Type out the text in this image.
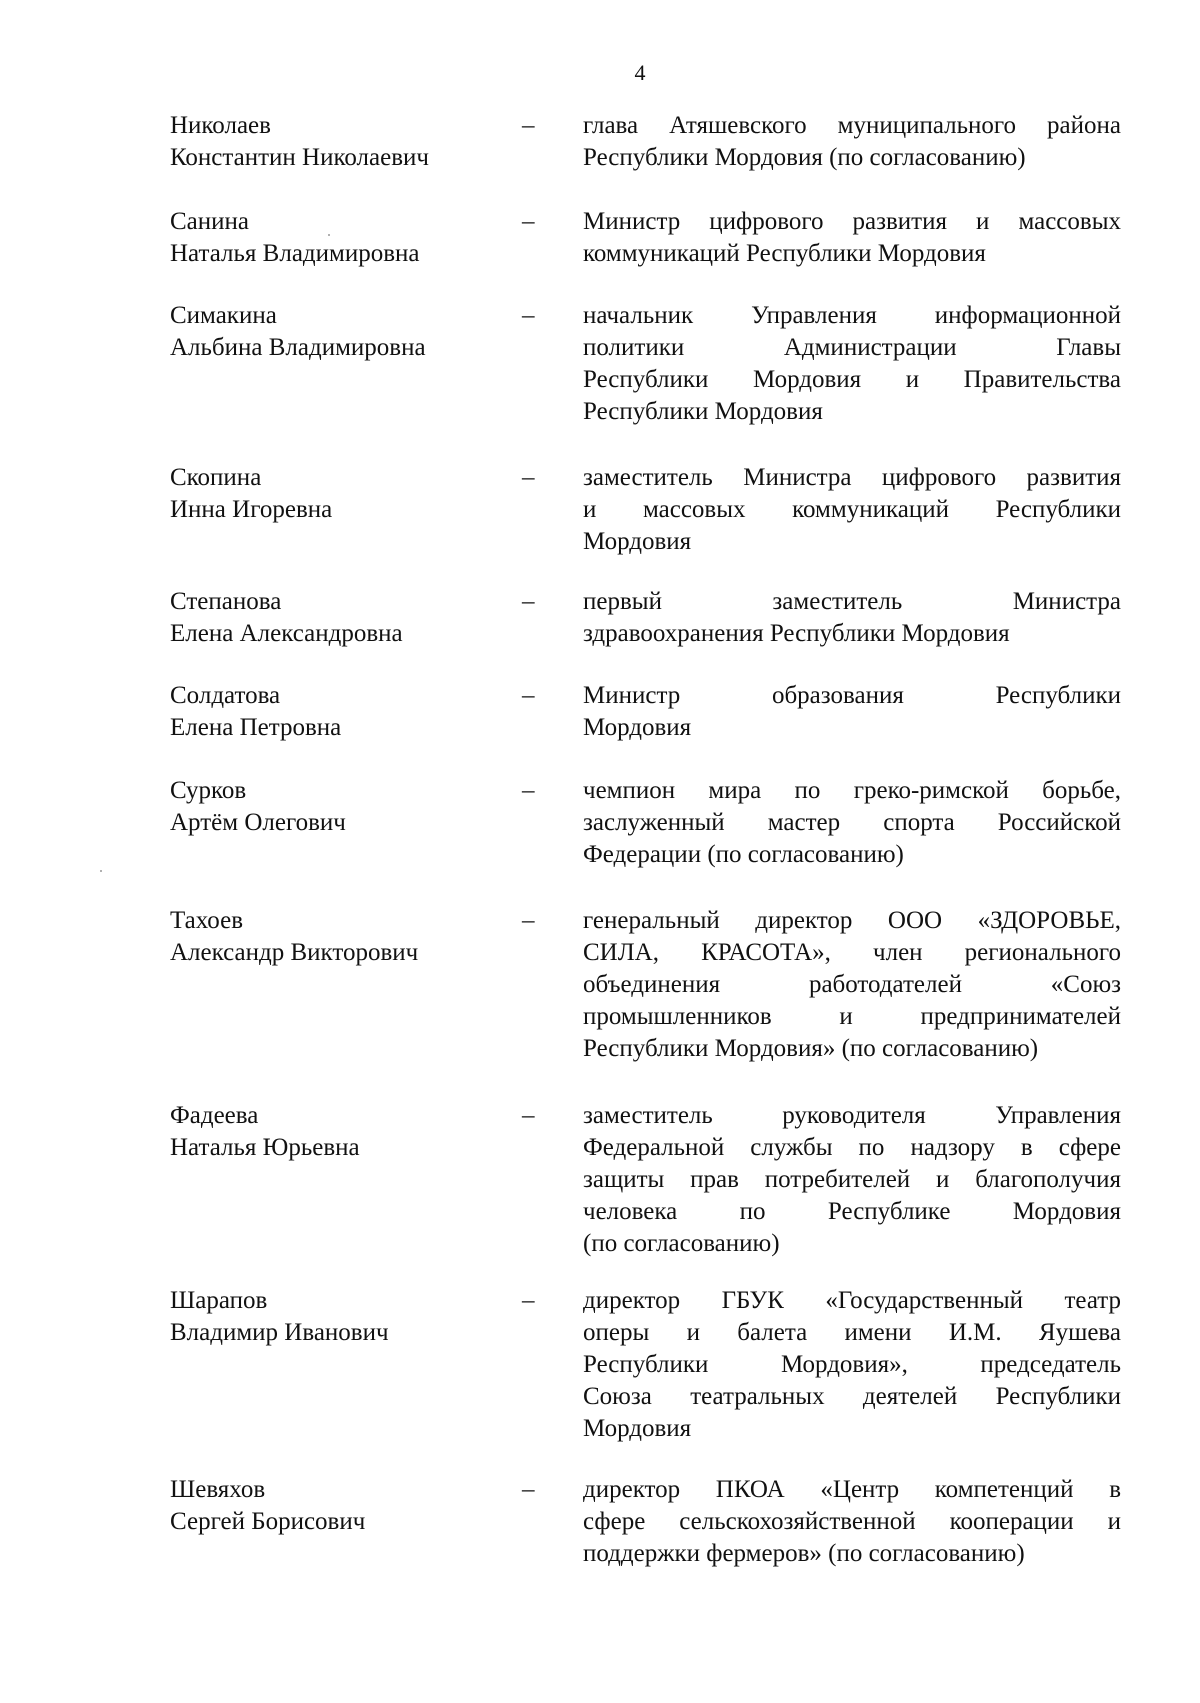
4
Николаев
Константин Николаевич
– глава Атяшевского муниципального района
Республики Мордовия (по согласованию)
Санина
Наталья Владимировна
– Министр цифрового развития и массовых
коммуникаций Республики Мордовия
Симакина
Альбина Владимировна
– начальник Управления информационной
политики Администрации Главы
Республики Мордовия и Правительства
Республики Мордовия
Скопина
Инна Игоревна
– заместитель Министра цифрового развития
и массовых коммуникаций Республики
Мордовия
Степанова
Елена Александровна
– первый заместитель Министра
здравоохранения Республики Мордовия
Солдатова
Елена Петровна
– Министр образования Республики
Мордовия
Сурков
Артём Олегович
– чемпион мира по греко-римской борьбе,
заслуженный мастер спорта Российской
Федерации (по согласованию)
Тахоев
Александр Викторович
– генеральный директор ООО «ЗДОРОВЬЕ,
СИЛА, КРАСОТА», член регионального
объединения работодателей «Союз
промышленников и предпринимателей
Республики Мордовия» (по согласованию)
Фадеева
Наталья Юрьевна
– заместитель руководителя Управления
Федеральной службы по надзору в сфере
защиты прав потребителей и благополучия
человека по Республике Мордовия
(по согласованию)
Шарапов
Владимир Иванович
– директор ГБУК «Государственный театр
оперы и балета имени И.М. Яушева
Республики Мордовия», председатель
Союза театральных деятелей Республики
Мордовия
Шевяхов
Сергей Борисович
– директор ПКОА «Центр компетенций в
сфере сельскохозяйственной кооперации и
поддержки фермеров» (по согласованию)
